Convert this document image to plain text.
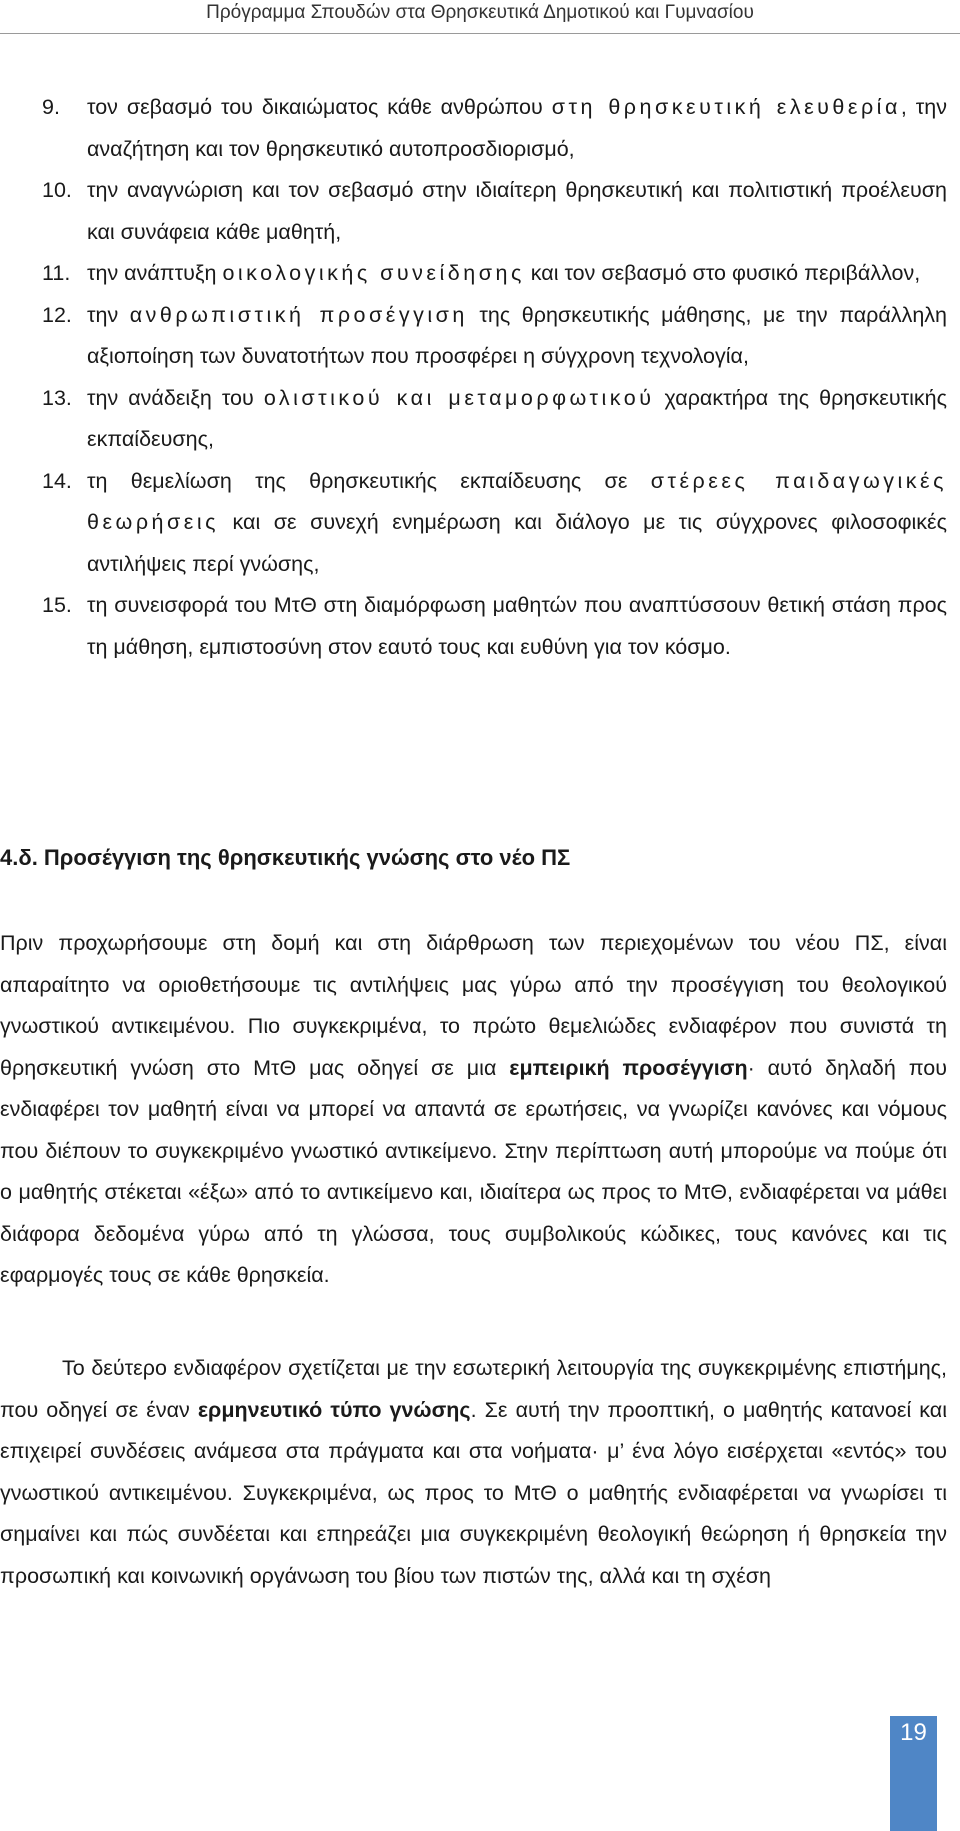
Πρόγραμμα Σπουδών στα Θρησκευτικά Δημοτικού και Γυμνασίου
9.	τον σεβασμό του δικαιώματος κάθε ανθρώπου στη θρησκευτική ελευθερία, την αναζήτηση και τον θρησκευτικό αυτοπροσδιορισμό,
10. την αναγνώριση και τον σεβασμό στην ιδιαίτερη θρησκευτική και πολιτιστική προέλευση και συνάφεια κάθε μαθητή,
11. την ανάπτυξη οικολογικής συνείδησης και τον σεβασμό στο φυσικό περιβάλλον,
12. την ανθρωπιστική προσέγγιση της θρησκευτικής μάθησης, με την παράλληλη αξιοποίηση των δυνατοτήτων που προσφέρει η σύγχρονη τεχνολογία,
13. την ανάδειξη του ολιστικού και μεταμορφωτικού χαρακτήρα της θρησκευτικής εκπαίδευσης,
14. τη θεμελίωση της θρησκευτικής εκπαίδευσης σε στέρεες παιδαγωγικές θεωρήσεις και σε συνεχή ενημέρωση και διάλογο με τις σύγχρονες φιλοσοφικές αντιλήψεις περί γνώσης,
15. τη συνεισφορά του ΜτΘ στη διαμόρφωση μαθητών που αναπτύσσουν θετική στάση προς τη μάθηση, εμπιστοσύνη στον εαυτό τους και ευθύνη για τον κόσμο.
4.δ. Προσέγγιση της θρησκευτικής γνώσης στο νέο ΠΣ

Πριν προχωρήσουμε στη δομή και στη διάρθρωση των περιεχομένων του νέου ΠΣ, είναι απαραίτητο να οριοθετήσουμε τις αντιλήψεις μας γύρω από την προσέγγιση του θεολογικού γνωστικού αντικειμένου. Πιο συγκεκριμένα, το πρώτο θεμελιώδες ενδιαφέρον που συνιστά τη θρησκευτική γνώση στο ΜτΘ μας οδηγεί σε μια εμπειρική προσέγγιση· αυτό δηλαδή που ενδιαφέρει τον μαθητή είναι να μπορεί να απαντά σε ερωτήσεις, να γνωρίζει κανόνες και νόμους που διέπουν το συγκεκριμένο γνωστικό αντικείμενο. Στην περίπτωση αυτή μπορούμε να πούμε ότι ο μαθητής στέκεται «έξω» από το αντικείμενο και, ιδιαίτερα ως προς το ΜτΘ, ενδιαφέρεται να μάθει διάφορα δεδομένα γύρω από τη γλώσσα, τους συμβολικούς κώδικες, τους κανόνες και τις εφαρμογές τους σε κάθε θρησκεία.

Το δεύτερο ενδιαφέρον σχετίζεται με την εσωτερική λειτουργία της συγκεκριμένης επιστήμης, που οδηγεί σε έναν ερμηνευτικό τύπο γνώσης. Σε αυτή την προοπτική, ο μαθητής κατανοεί και επιχειρεί συνδέσεις ανάμεσα στα πράγματα και στα νοήματα· μ’ ένα λόγο εισέρχεται «εντός» του γνωστικού αντικειμένου. Συγκεκριμένα, ως προς το ΜτΘ ο μαθητής ενδιαφέρεται να γνωρίσει τι σημαίνει και πώς συνδέεται και επηρεάζει μια συγκεκριμένη θεολογική θεώρηση ή θρησκεία την προσωπική και κοινωνική οργάνωση του βίου των πιστών της, αλλά και τη σχέση

19
